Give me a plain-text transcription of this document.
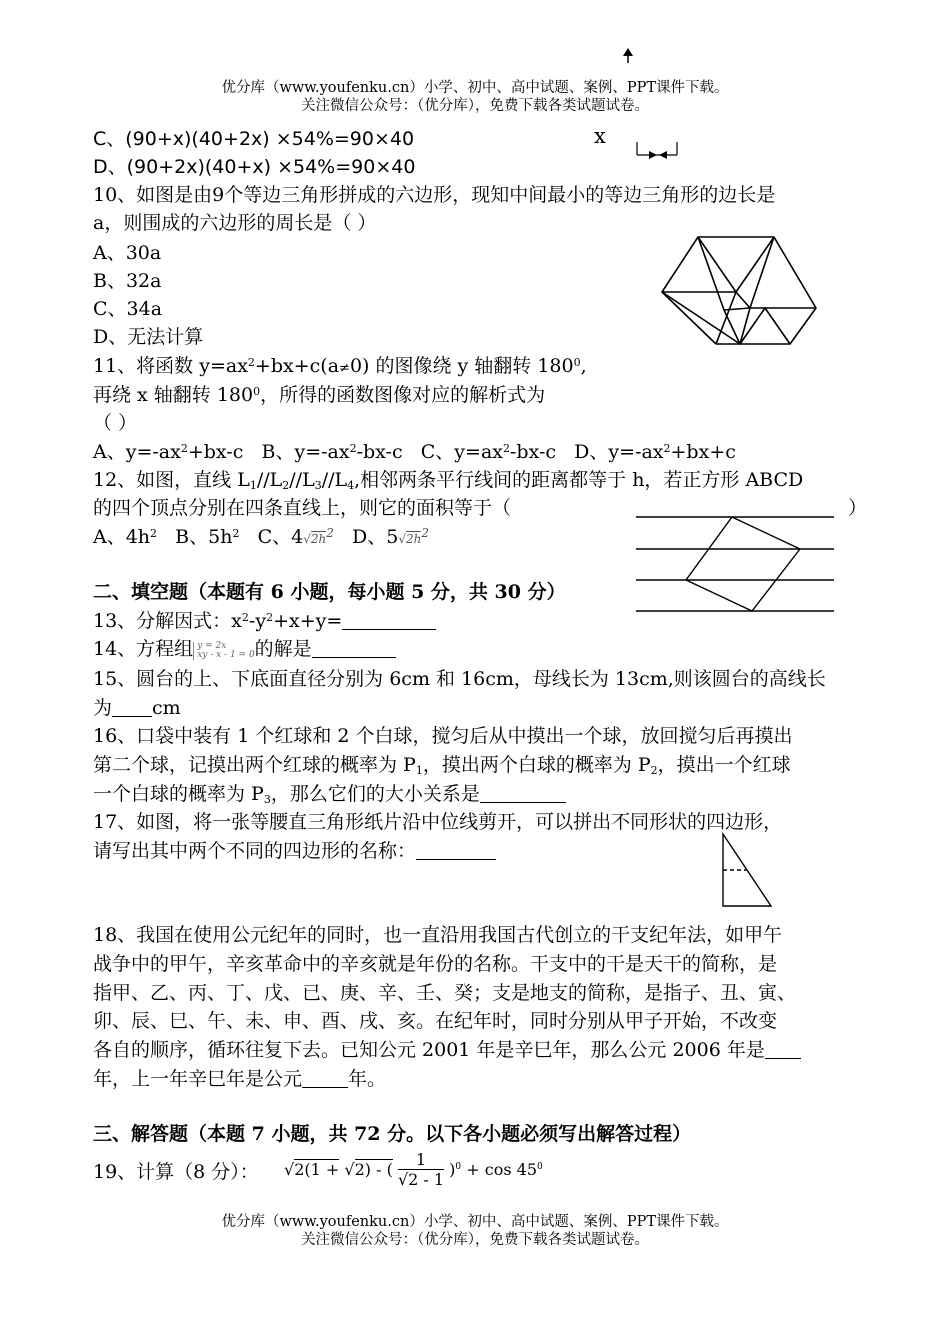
优分库（www.youfenku.cn）小学、初中、高中试题、案例、PPT课件下载。
关注微信公众号：（优分库），免费下载各类试题试卷。
C、(90+x)(40+2x) ×54%=90×40
D、(90+2x)(40+x) ×54%=90×40
x
10、如图是由9个等边三角形拼成的六边形，现知中间最小的等边三角形的边长是
a，则围成的六边形的周长是（ ）
A、30a
B、32a
C、34a
D、无法计算
11、将函数 $y=ax^2+bx+c(a\ne 0)$ 的图像绕 y 轴翻转 $180^0$,
再绕 x 轴翻转 $180^0$，所得的函数图像对应的解析式为
（ ）
A、$y=-ax^2+bx-c$ B、$y=-ax^2-bx-c$ C、$y=ax^2-bx-c$ D、$y=-ax^2+bx+c$
12、如图，直线 $L_1//L_2//L_3//L_4$,相邻两条平行线间的距离都等于 h，若正方形 ABCD
的四个顶点分别在四条直线上，则它的面积等于（	）
A、$4h^2$ B、$5h^2$ C、$4√2h^2$ D、$5√2h^2$
二、填空题（本题有 6 小题，每小题 5 分，共 30 分）
13、分解因式：$x^2-y^2+x+y=$
14、方程组 y = 2x
xy - x - 1 = 0 的解是
15、圆台的上、下底面直径分别为 6cm 和 16cm，母线长为 13cm,则该圆台的高线长
为 cm
16、口袋中装有 1 个红球和 2 个白球，搅匀后从中摸出一个球，放回搅匀后再摸出
第二个球，记摸出两个红球的概率为 $P_1$，摸出两个白球的概率为 $P_2$，摸出一个红球
一个白球的概率为 $P_3$，那么它们的大小关系是
17、如图，将一张等腰直三角形纸片沿中位线剪开，可以拼出不同形状的四边形，
请写出其中两个不同的四边形的名称：
18、我国在使用公元纪年的同时，也一直沿用我国古代创立的干支纪年法，如甲午
战争中的甲午，辛亥革命中的辛亥就是年份的名称。干支中的干是天干的简称，是
指甲、乙、丙、丁、戊、已、庚、辛、壬、癸；支是地支的简称，是指子、丑、寅、
卯、辰、巳、午、未、申、酉、戌、亥。在纪年时，同时分别从甲子开始，不改变
各自的顺序，循环往复下去。已知公元 2001 年是辛巳年，那么公元 2006 年是
年，上一年辛巳年是公元 年。
三、解答题（本题 7 小题，共 72 分。以下各小题必须写出解答过程）
19、计算（8 分）： √2(1 + √2) - ( $\frac{1}{√2 - 1} )^0 + \cos 45^0$
优分库（www.youfenku.cn）小学、初中、高中试题、案例、PPT课件下载。
关注微信公众号：（优分库），免费下载各类试题试卷。
